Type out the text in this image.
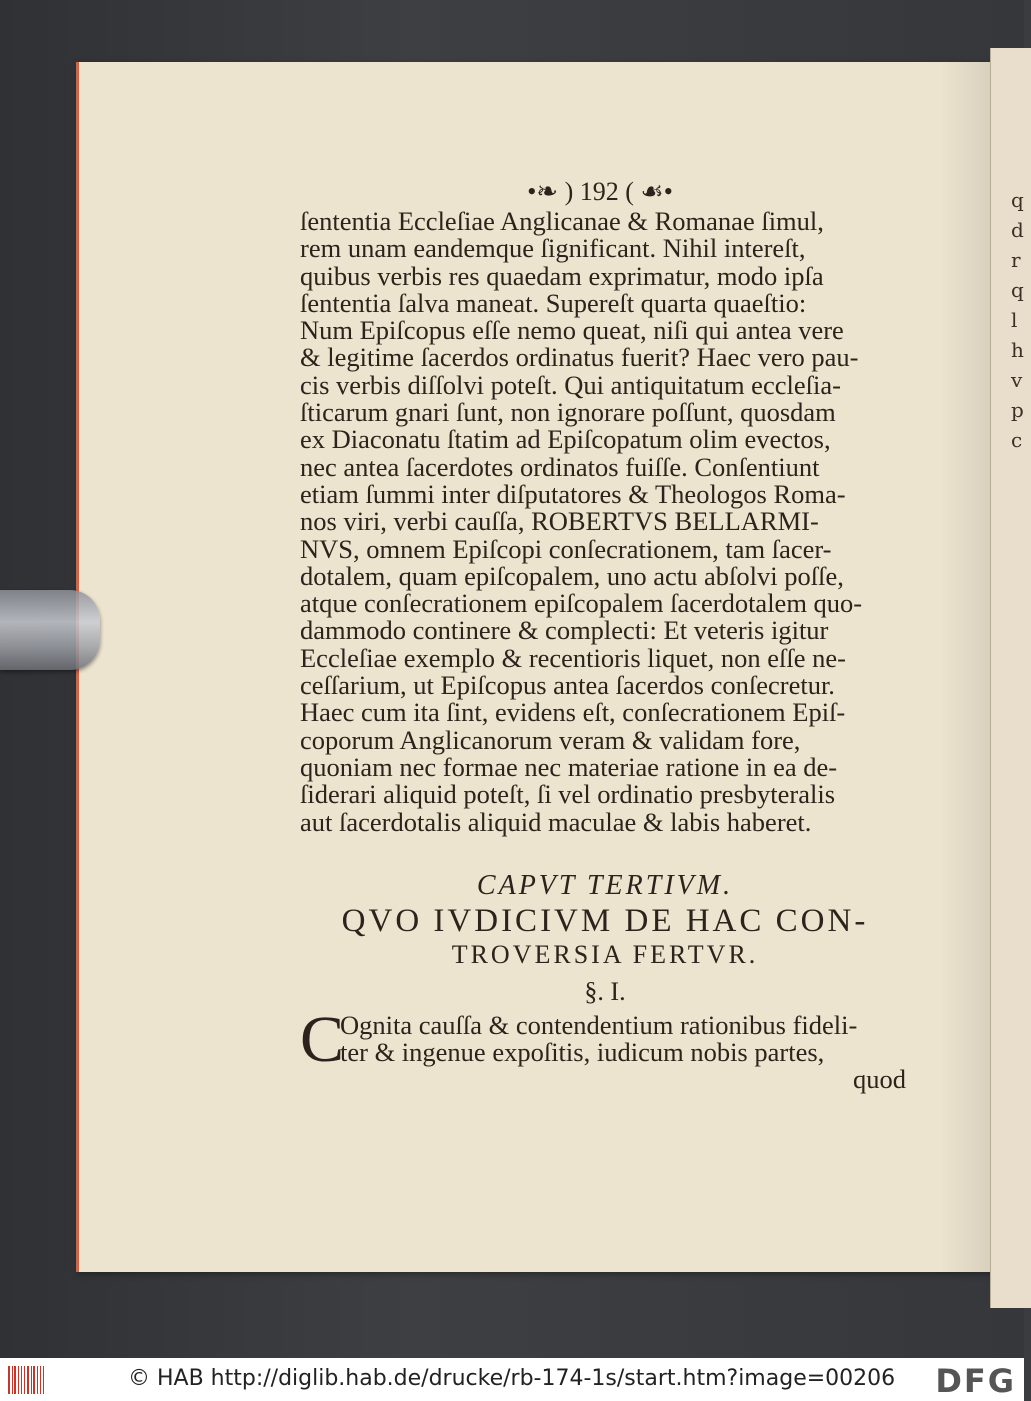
q
d
r
q
l
h
v
p
c
•❧ ) 192 ( ☙•
ſententia Eccleſiae Anglicanae & Romanae ſimul,
rem unam eandemque ſignificant. Nihil intereſt,
quibus verbis res quaedam exprimatur, modo ipſa
ſententia ſalva maneat. Supereſt quarta quaeſtio:
Num Epiſcopus eſſe nemo queat, niſi qui antea vere
& legitime ſacerdos ordinatus fuerit? Haec vero pau-
cis verbis diſſolvi poteſt. Qui antiquitatum eccleſia-
ſticarum gnari ſunt, non ignorare poſſunt, quosdam
ex Diaconatu ſtatim ad Epiſcopatum olim evectos,
nec antea ſacerdotes ordinatos fuiſſe. Conſentiunt
etiam ſummi inter diſputatores & Theologos Roma-
nos viri, verbi cauſſa, ROBERTVS BELLARMI-
NVS, omnem Epiſcopi conſecrationem, tam ſacer-
dotalem, quam epiſcopalem, uno actu abſolvi poſſe,
atque conſecrationem epiſcopalem ſacerdotalem quo-
dammodo continere & complecti: Et veteris igitur
Eccleſiae exemplo & recentioris liquet, non eſſe ne-
ceſſarium, ut Epiſcopus antea ſacerdos conſecretur.
Haec cum ita ſint, evidens eſt, conſecrationem Epiſ-
coporum Anglicanorum veram & validam fore,
quoniam nec formae nec materiae ratione in ea de-
ſiderari aliquid poteſt, ſi vel ordinatio presbyteralis
aut ſacerdotalis aliquid maculae & labis haberet.
CAPVT TERTIVM.
QVO IVDICIVM DE HAC CON-
TROVERSIA FERTVR.
§. I.
C
Ognita cauſſa & contendentium rationibus fideli-
ter & ingenue expoſitis, iudicum nobis partes,
quod
© HAB http://diglib.hab.de/drucke/rb-174-1s/start.htm?image=00206 DFG
